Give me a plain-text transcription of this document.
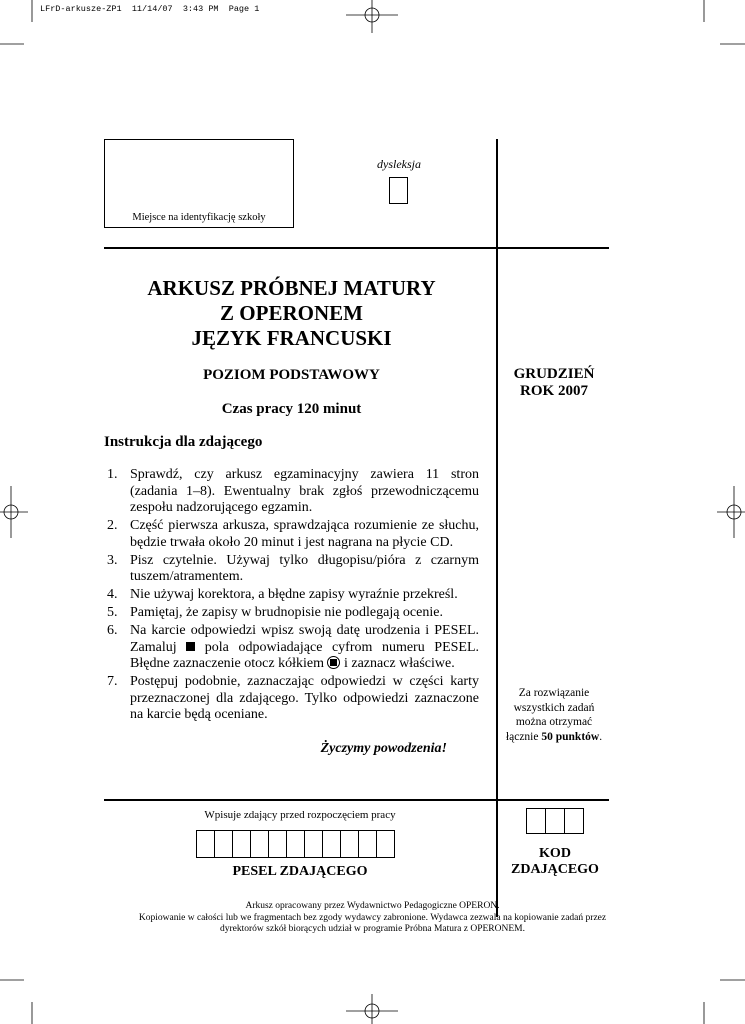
LFrD-arkusze-ZP1  11/14/07  3:43 PM  Page 1
Miejsce na identyfikację szkoły
dysleksja
ARKUSZ PRÓBNEJ MATURY
Z OPERONEM
JĘZYK FRANCUSKI
POZIOM PODSTAWOWY
Czas pracy 120 minut
GRUDZIEŃ
ROK 2007
Instrukcja dla zdającego
1. Sprawdź, czy arkusz egzaminacyjny zawiera 11 stron (zadania 1–8). Ewentualny brak zgłoś przewodniczącemu zespołu nadzorującego egzamin.
2. Część pierwsza arkusza, sprawdzająca rozumienie ze słuchu, będzie trwała około 20 minut i jest nagrana na płycie CD.
3. Pisz czytelnie. Używaj tylko długopisu/pióra z czarnym tuszem/atramentem.
4. Nie używaj korektora, a błędne zapisy wyraźnie przekreśl.
5. Pamiętaj, że zapisy w brudnopisie nie podlegają ocenie.
6. Na karcie odpowiedzi wpisz swoją datę urodzenia i PESEL. Zamaluj pola odpowiadające cyfrom numeru PESEL. Błędne zaznaczenie otocz kółkiem i zaznacz właściwe.
7. Postępuj podobnie, zaznaczając odpowiedzi w części karty przeznaczonej dla zdającego. Tylko odpowiedzi zaznaczone na karcie będą oceniane.
Życzymy powodzenia!
Za rozwiązanie
wszystkich zadań
można otrzymać
łącznie 50 punktów.
Wpisuje zdający przed rozpoczęciem pracy
PESEL ZDAJĄCEGO
KOD
ZDAJĄCEGO
Arkusz opracowany przez Wydawnictwo Pedagogiczne OPERON.
Kopiowanie w całości lub we fragmentach bez zgody wydawcy zabronione. Wydawca zezwala na kopiowanie zadań przez
dyrektorów szkół biorących udział w programie Próbna Matura z OPERONEM.
